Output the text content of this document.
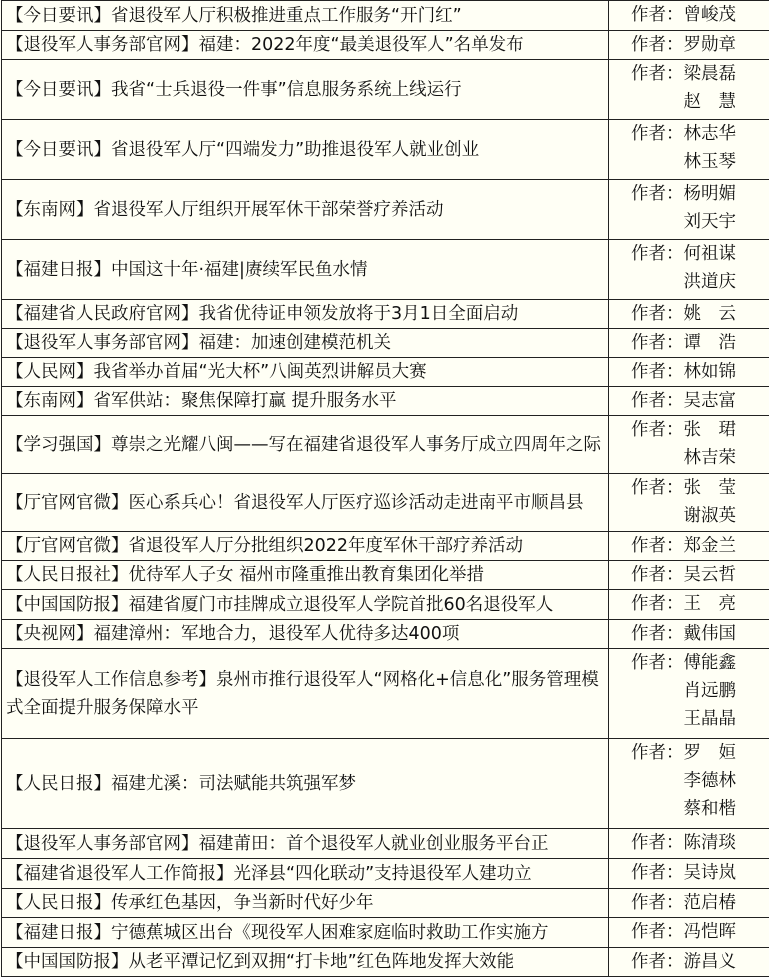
【今日要讯】省退役军人厅积极推进重点工作服务“开门红”	作者： 曾峻茂

【退役军人事务部官网】福建：2022年度“最美退役军人”名单发布	作者： 罗勋章

【今日要讯】我省“士兵退役一件事”信息服务系统上线运行	作者： 梁晨磊
赵　慧

【今日要讯】省退役军人厅“四端发力”助推退役军人就业创业	作者： 林志华
林玉琴

【东南网】省退役军人厅组织开展军休干部荣誉疗养活动	作者： 杨明媚
刘天宇

【福建日报】中国这十年·福建|赓续军民鱼水情	作者： 何祖谋
洪道庆

【福建省人民政府官网】我省优待证申领发放将于3月1日全面启动	作者： 姚　云

【退役军人事务部官网】福建：加速创建模范机关	作者： 谭　浩

【人民网】我省举办首届“光大杯”八闽英烈讲解员大赛	作者： 林如锦

【东南网】省军供站：聚焦保障打赢 提升服务水平	作者： 吴志富

【学习强国】尊崇之光耀八闽——写在福建省退役军人事务厅成立四周年之际	作者： 张　珺
林吉荣

【厅官网官微】医心系兵心！省退役军人厅医疗巡诊活动走进南平市顺昌县	作者： 张　莹
谢淑英

【厅官网官微】省退役军人厅分批组织2022年度军休干部疗养活动	作者： 郑金兰

【人民日报社】优待军人子女 福州市隆重推出教育集团化举措	作者： 吴云哲

【中国国防报】福建省厦门市挂牌成立退役军人学院首批60名退役军人	作者： 王　亮

【央视网】福建漳州：军地合力，退役军人优待多达400项	作者： 戴伟国

【退役军人工作信息参考】泉州市推行退役军人“网格化+信息化”服务管理模式全面提升服务保障水平	作者： 傅能鑫
肖远鹏
王晶晶

【人民日报】福建尤溪：司法赋能共筑强军梦	作者： 罗　姮
李德林
蔡和楷

【退役军人事务部官网】福建莆田：首个退役军人就业创业服务平台正	作者： 陈清琰

【福建省退役军人工作简报】光泽县“四化联动”支持退役军人建功立	作者： 吴诗岚

【人民日报】传承红色基因，争当新时代好少年	作者： 范启椿

【福建日报】宁德蕉城区出台《现役军人困难家庭临时救助工作实施方	作者： 冯恺晖

【中国国防报】从老平潭记忆到双拥“打卡地”红色阵地发挥大效能	作者： 游昌义
